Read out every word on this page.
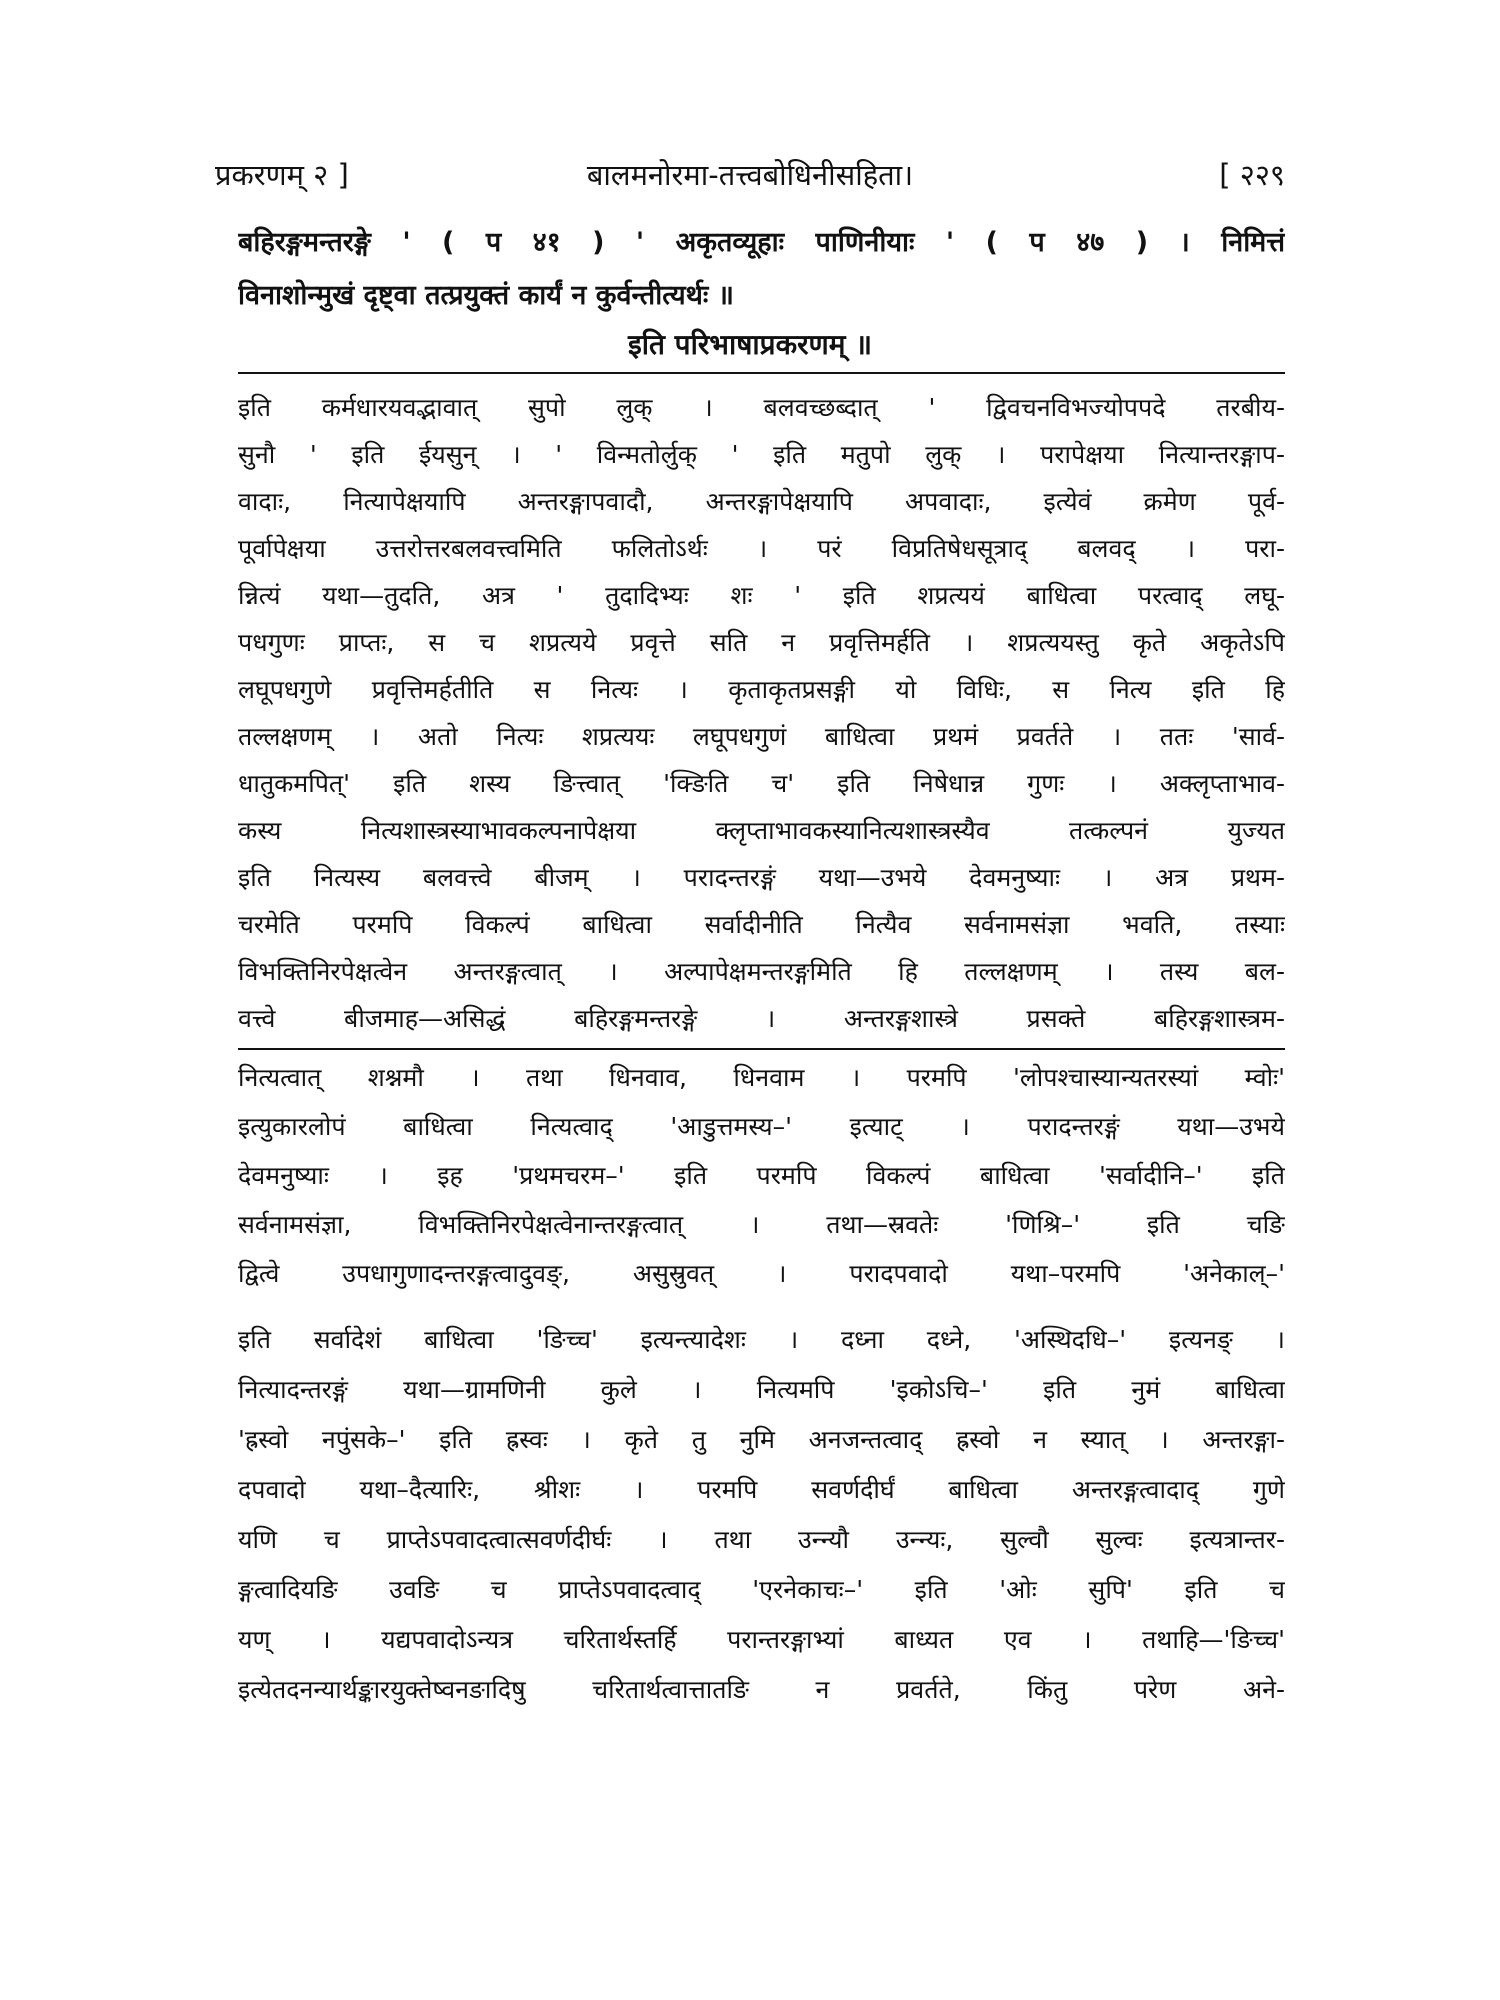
प्रकरणम् २ ]	बालमनोरमा-तत्त्वबोधिनीसहिता।	[ २२९
बहिरङ्गमन्तरङ्गे ' ( प ४१ ) ' अकृतव्यूहाः पाणिनीयाः ' ( प ४७ ) । निमित्तं
विनाशोन्मुखं दृष्ट्वा तत्प्रयुक्तं कार्यं न कुर्वन्तीत्यर्थः ॥
इति परिभाषाप्रकरणम् ॥
इति कर्मधारयवद्भावात् सुपो लुक् । बलवच्छब्दात् ' द्विवचनविभज्योपपदे तरबीय-
सुनौ ' इति ईयसुन् । ' विन्मतोर्लुक् ' इति मतुपो लुक् । परापेक्षया नित्यान्तरङ्गाप-
वादाः, नित्यापेक्षयापि अन्तरङ्गापवादौ, अन्तरङ्गापेक्षयापि अपवादाः, इत्येवं क्रमेण पूर्व-
पूर्वापेक्षया उत्तरोत्तरबलवत्त्वमिति फलितोऽर्थः । परं विप्रतिषेधसूत्राद् बलवद् । परा-
न्नित्यं यथा—तुदति, अत्र ' तुदादिभ्यः शः ' इति शप्रत्ययं बाधित्वा परत्वाद् लघू-
पधगुणः प्राप्तः, स च शप्रत्यये प्रवृत्ते सति न प्रवृत्तिमर्हति । शप्रत्ययस्तु कृते अकृतेऽपि
लघूपधगुणे प्रवृत्तिमर्हतीति स नित्यः । कृताकृतप्रसङ्गी यो विधिः, स नित्य इति हि
तल्लक्षणम् । अतो नित्यः शप्रत्ययः लघूपधगुणं बाधित्वा प्रथमं प्रवर्तते । ततः 'सार्व-
धातुकमपित्' इति शस्य ङित्त्वात् 'क्ङिति च' इति निषेधान्न गुणः । अक्लृप्ताभाव-
कस्य नित्यशास्त्रस्याभावकल्पनापेक्षया क्लृप्ताभावकस्यानित्यशास्त्रस्यैव तत्कल्पनं युज्यत
इति नित्यस्य बलवत्त्वे बीजम् । परादन्तरङ्गं यथा—उभये देवमनुष्याः । अत्र प्रथम-
चरमेति परमपि विकल्पं बाधित्वा सर्वादीनीति नित्यैव सर्वनामसंज्ञा भवति, तस्याः
विभक्तिनिरपेक्षत्वेन अन्तरङ्गत्वात् । अल्पापेक्षमन्तरङ्गमिति हि तल्लक्षणम् । तस्य बल-
वत्त्वे बीजमाह—असिद्धं बहिरङ्गमन्तरङ्गे । अन्तरङ्गशास्त्रे प्रसक्ते बहिरङ्गशास्त्रम-
नित्यत्वात् शश्नमौ । तथा धिनवाव, धिनवाम । परमपि 'लोपश्चास्यान्यतरस्यां म्वोः'
इत्युकारलोपं बाधित्वा नित्यत्वाद् 'आडुत्तमस्य–' इत्याट् । परादन्तरङ्गं यथा—उभये
देवमनुष्याः । इह 'प्रथमचरम–' इति परमपि विकल्पं बाधित्वा 'सर्वादीनि–' इति
सर्वनामसंज्ञा, विभक्तिनिरपेक्षत्वेनान्तरङ्गत्वात् । तथा—स्रवतेः 'णिश्रि–' इति चङि
द्वित्वे उपधागुणादन्तरङ्गत्वादुवङ्, असुस्रुवत् । परादपवादो यथा–परमपि 'अनेकाल्–'
इति सर्वादेशं बाधित्वा 'ङिच्च' इत्यन्त्यादेशः । दध्ना दध्ने, 'अस्थिदधि–' इत्यनङ् ।
नित्यादन्तरङ्गं यथा—ग्रामणिनी कुले । नित्यमपि 'इकोऽचि–' इति नुमं बाधित्वा
'ह्रस्वो नपुंसके–' इति ह्रस्वः । कृते तु नुमि अनजन्तत्वाद् ह्रस्वो न स्यात् । अन्तरङ्गा-
दपवादो यथा–दैत्यारिः, श्रीशः । परमपि सवर्णदीर्घं बाधित्वा अन्तरङ्गत्वादाद् गुणे
यणि च प्राप्तेऽपवादत्वात्सवर्णदीर्घः । तथा उन्न्यौ उन्न्यः, सुल्वौ सुल्वः इत्यत्रान्तर-
ङ्गत्वादियङि उवङि च प्राप्तेऽपवादत्वाद् 'एरनेकाचः–' इति 'ओः सुपि' इति च
यण् । यद्यपवादोऽन्यत्र चरितार्थस्तर्हि परान्तरङ्गाभ्यां बाध्यत एव । तथाहि—'ङिच्च'
इत्येतदनन्यार्थङ्कारयुक्तेष्वनङादिषु चरितार्थत्वात्तातङि न प्रवर्तते, किंतु परेण अने-
